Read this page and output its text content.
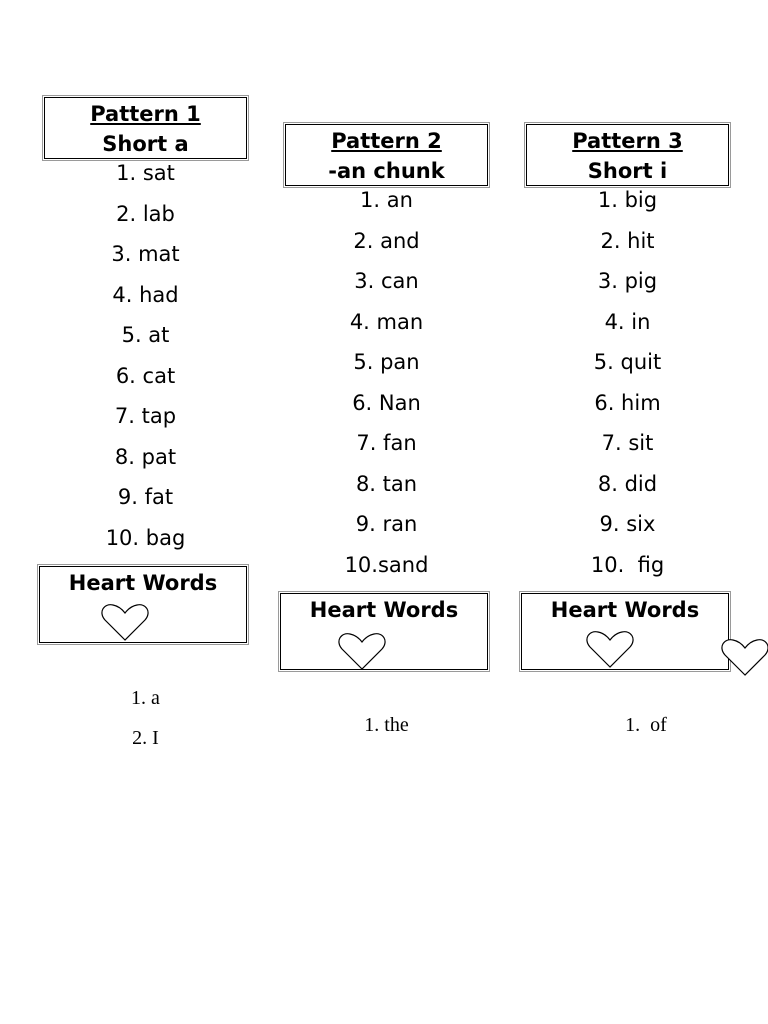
Pattern 1
Short a
1. sat
2. lab
3. mat
4. had
5. at
6. cat
7. tap
8. pat
9. fat
10. bag
Heart Words
1. a
2. I
Pattern 2
-an chunk
1. an
2. and
3. can
4. man
5. pan
6. Nan
7. fan
8. tan
9. ran
10.sand
Heart Words
1. the
Pattern 3
Short i
1. big
2. hit
3. pig
4. in
5. quit
6. him
7. sit
8. did
9. six
10.  fig
Heart Words
1.  of
